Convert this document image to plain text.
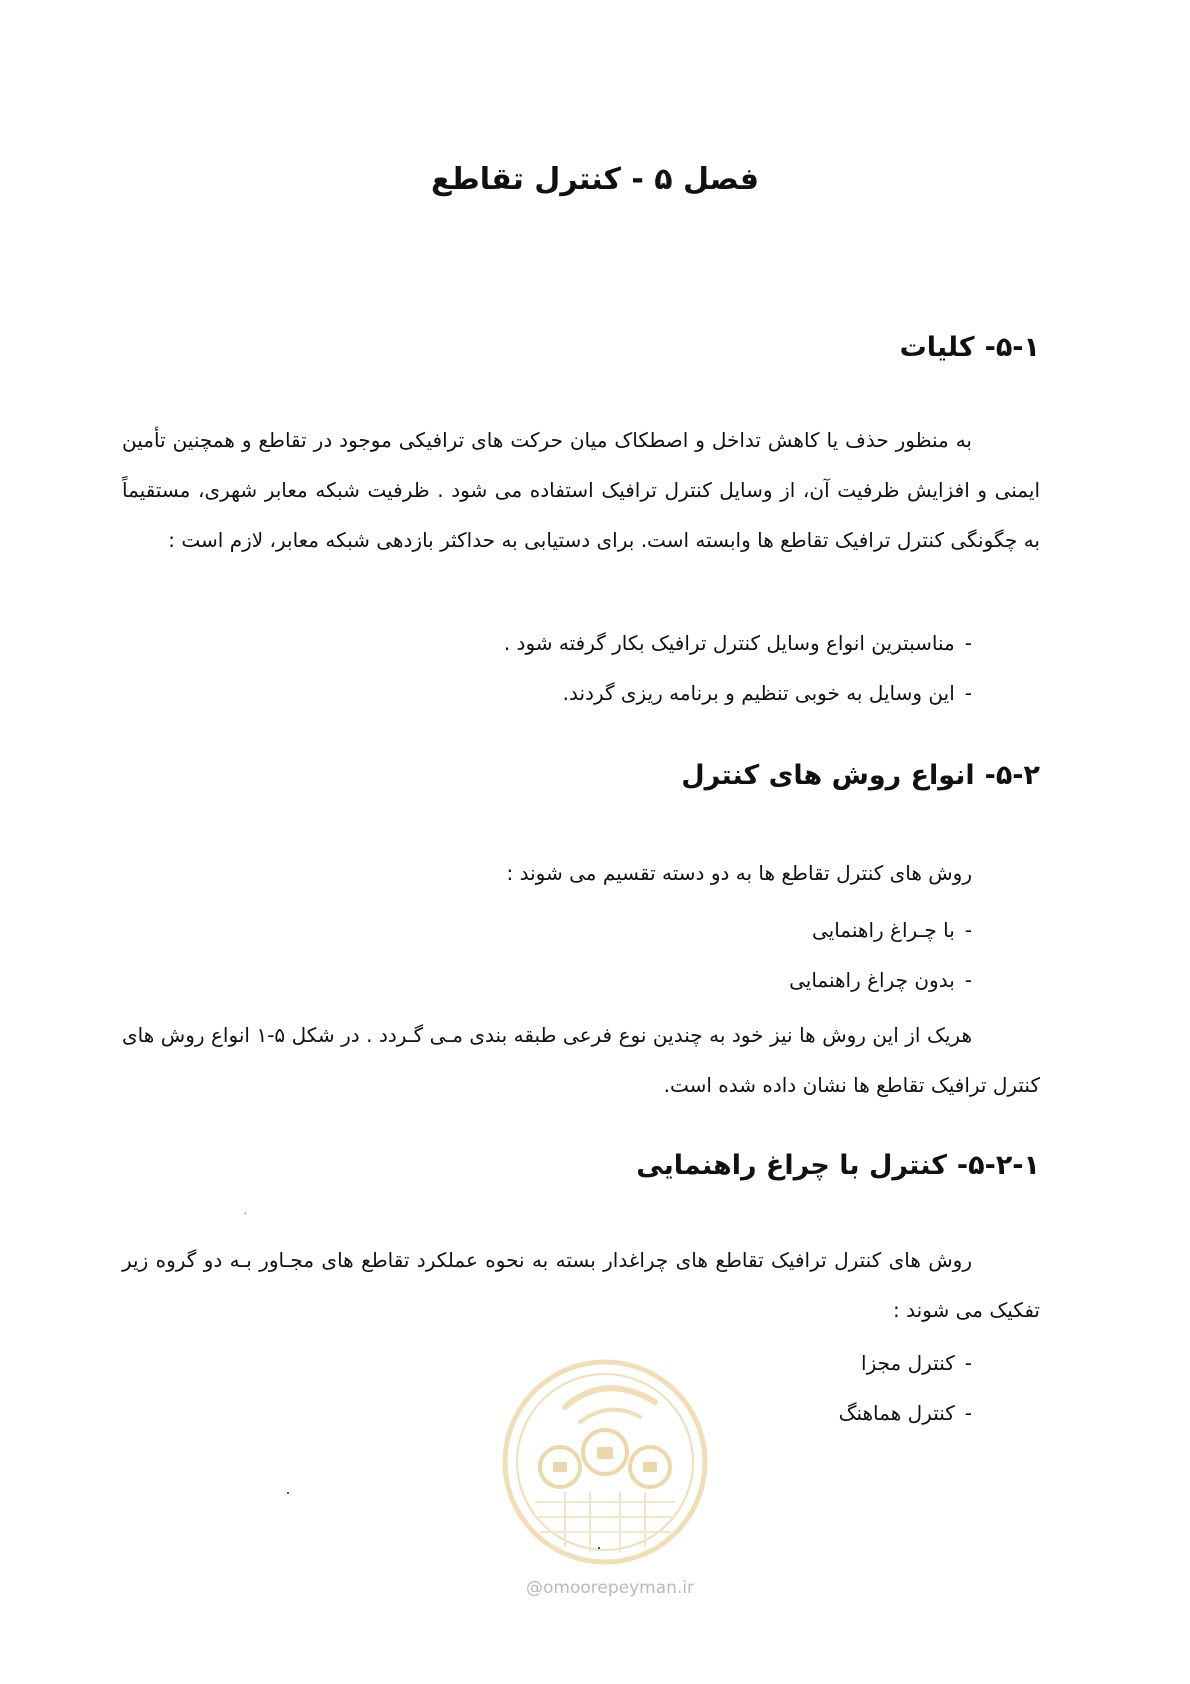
فصل ۵ - کنترل تقاطع
۵-۱-کلیات
به منظور حذف یا کاهش تداخل و اصطکاک میان حرکت های ترافیکی موجود در تقاطع و همچنین تأمین ایمنی و افزایش ظرفیت آن، از وسایل کنترل ترافیک استفاده می شود . ظرفیت شبکه معابر شهری، مستقیماً به چگونگی کنترل ترافیک تقاطع ها وابسته است. برای دستیابی به حداکثر بازدهی شبکه معابر، لازم است :
-مناسبترین انواع وسایل کنترل ترافیک بکار گرفته شود .
-این وسایل به خوبی تنظیم و برنامه ریزی گردند.
۵-۲-انواع روش های کنترل
روش های کنترل تقاطع ها به دو دسته تقسیم می شوند :
-با چـراغ راهنمایی
-بدون چراغ راهنمایی
هریک از این روش ها نیز خود به چندین نوع فرعی طبقه بندی مـی گـردد . در شکل ۵-۱ انواع روش های کنترل ترافیک تقاطع ها نشان داده شده است.
۵-۲-۱-کنترل با چراغ راهنمایی
روش های کنترل ترافیک تقاطع های چراغدار بسته به نحوه عملکرد تقاطع های مجـاور بـه دو گروه زیر تفکیک می شوند :
-کنترل مجزا
-کنترل هماهنگ
@omoorepeyman.ir
